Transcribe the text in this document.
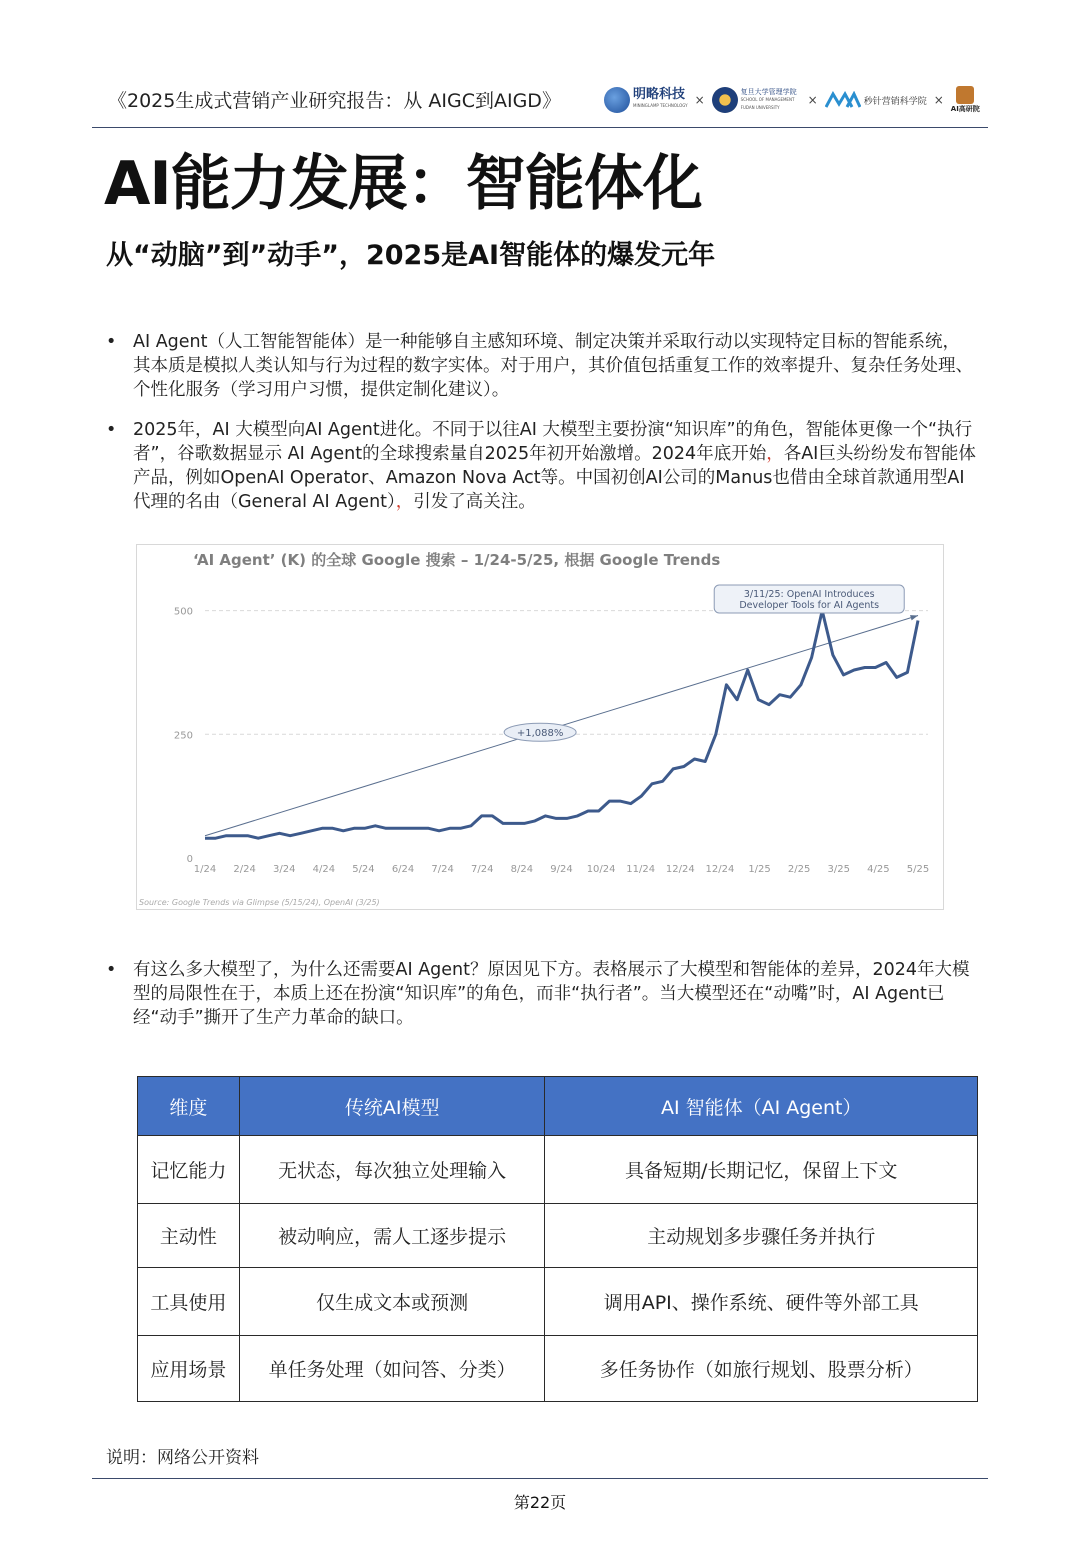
《2025生成式营销产业研究报告：从 AIGC到AIGD》	明略科技
MININGLAMP TECHNOLOGY ×
复旦大学管理学院
SCHOOL OF MANAGEMENT FUDAN UNIVERSITY
×	秒针营销科学院 ×
AI高研院
AI能力发展：智能体化
从“动脑”到”动手”，2025是AI智能体的爆发元年
• AI Agent（人工智能智能体）是一种能够自主感知环境、制定决策并采取行动以实现特定目标的智能系统，其本质是模拟人类认知与行为过程的数字实体。对于用户，其价值包括重复工作的效率提升、复杂任务处理、个性化服务（学习用户习惯，提供定制化建议）。
• 2025年，AI 大模型向AI Agent进化。不同于以往AI 大模型主要扮演“知识库”的角色，智能体更像一个“执行者”，谷歌数据显示 AI Agent的全球搜索量自2025年初开始激增。2024年底开始，各AI巨头纷纷发布智能体产品，例如OpenAI Operator、Amazon Nova Act等。中国初创AI公司的Manus也借由全球首款通用型AI代理的名由（General AI Agent），引发了高关注。
‘AI Agent’ (K) 的全球 Google 搜索 – 1/24-5/25, 根据 Google Trends
0
250
500
1/24 2/24 3/24 4/24 5/24 6/24 7/24 7/24 8/24 9/24 10/24 11/24 12/24 12/24 1/25 2/25 3/25 4/25 5/25
+1,088%
3/11/25: OpenAI Introduces
Developer Tools for AI Agents
Source: Google Trends via Glimpse (5/15/24), OpenAI (3/25)
• 有这么多大模型了，为什么还需要AI Agent？原因见下方。表格展示了大模型和智能体的差异，2024年大模型的局限性在于，本质上还在扮演“知识库”的角色，而非“执行者”。当大模型还在“动嘴”时，AI Agent已经“动手”撕开了生产力革命的缺口。
维度	传统AI模型	AI 智能体（AI Agent）
记忆能力	无状态，每次独立处理输入	具备短期/长期记忆，保留上下文
主动性	被动响应，需人工逐步提示	主动规划多步骤任务并执行
工具使用	仅生成文本或预测	调用API、操作系统、硬件等外部工具
应用场景	单任务处理（如问答、分类）	多任务协作（如旅行规划、股票分析）
说明：网络公开资料
第22页
